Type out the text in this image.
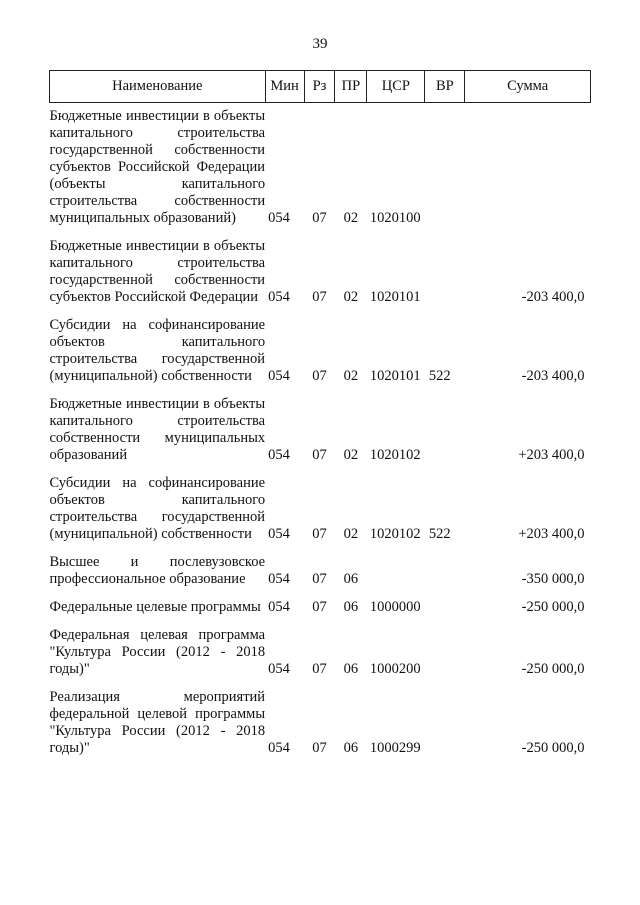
39
Наименование	Мин	Рз	ПР	ЦСР	ВР	Сумма
Бюджетные инвестиции в объекты капитального строительства государственной собственности субъектов Российской Федерации (объекты капитального строительства собственности муниципальных образований)	054	07	02	1020100		
Бюджетные инвестиции в объекты капитального строительства государственной собственности субъектов Российской Федерации	054	07	02	1020101		-203 400,0
Субсидии на софинансирование объектов капитального строительства государственной (муниципальной) собственности	054	07	02	1020101	522	-203 400,0
Бюджетные инвестиции в объекты капитального строительства собственности муниципальных образований	054	07	02	1020102		+203 400,0
Субсидии на софинансирование объектов капитального строительства государственной (муниципальной) собственности	054	07	02	1020102	522	+203 400,0
Высшее и послевузовское профессиональное образование	054	07	06			-350 000,0
Федеральные целевые программы	054	07	06	1000000		-250 000,0
Федеральная целевая программа "Культура России (2012 - 2018 годы)"	054	07	06	1000200		-250 000,0
Реализация мероприятий федеральной целевой программы "Культура России (2012 - 2018 годы)"	054	07	06	1000299		-250 000,0
